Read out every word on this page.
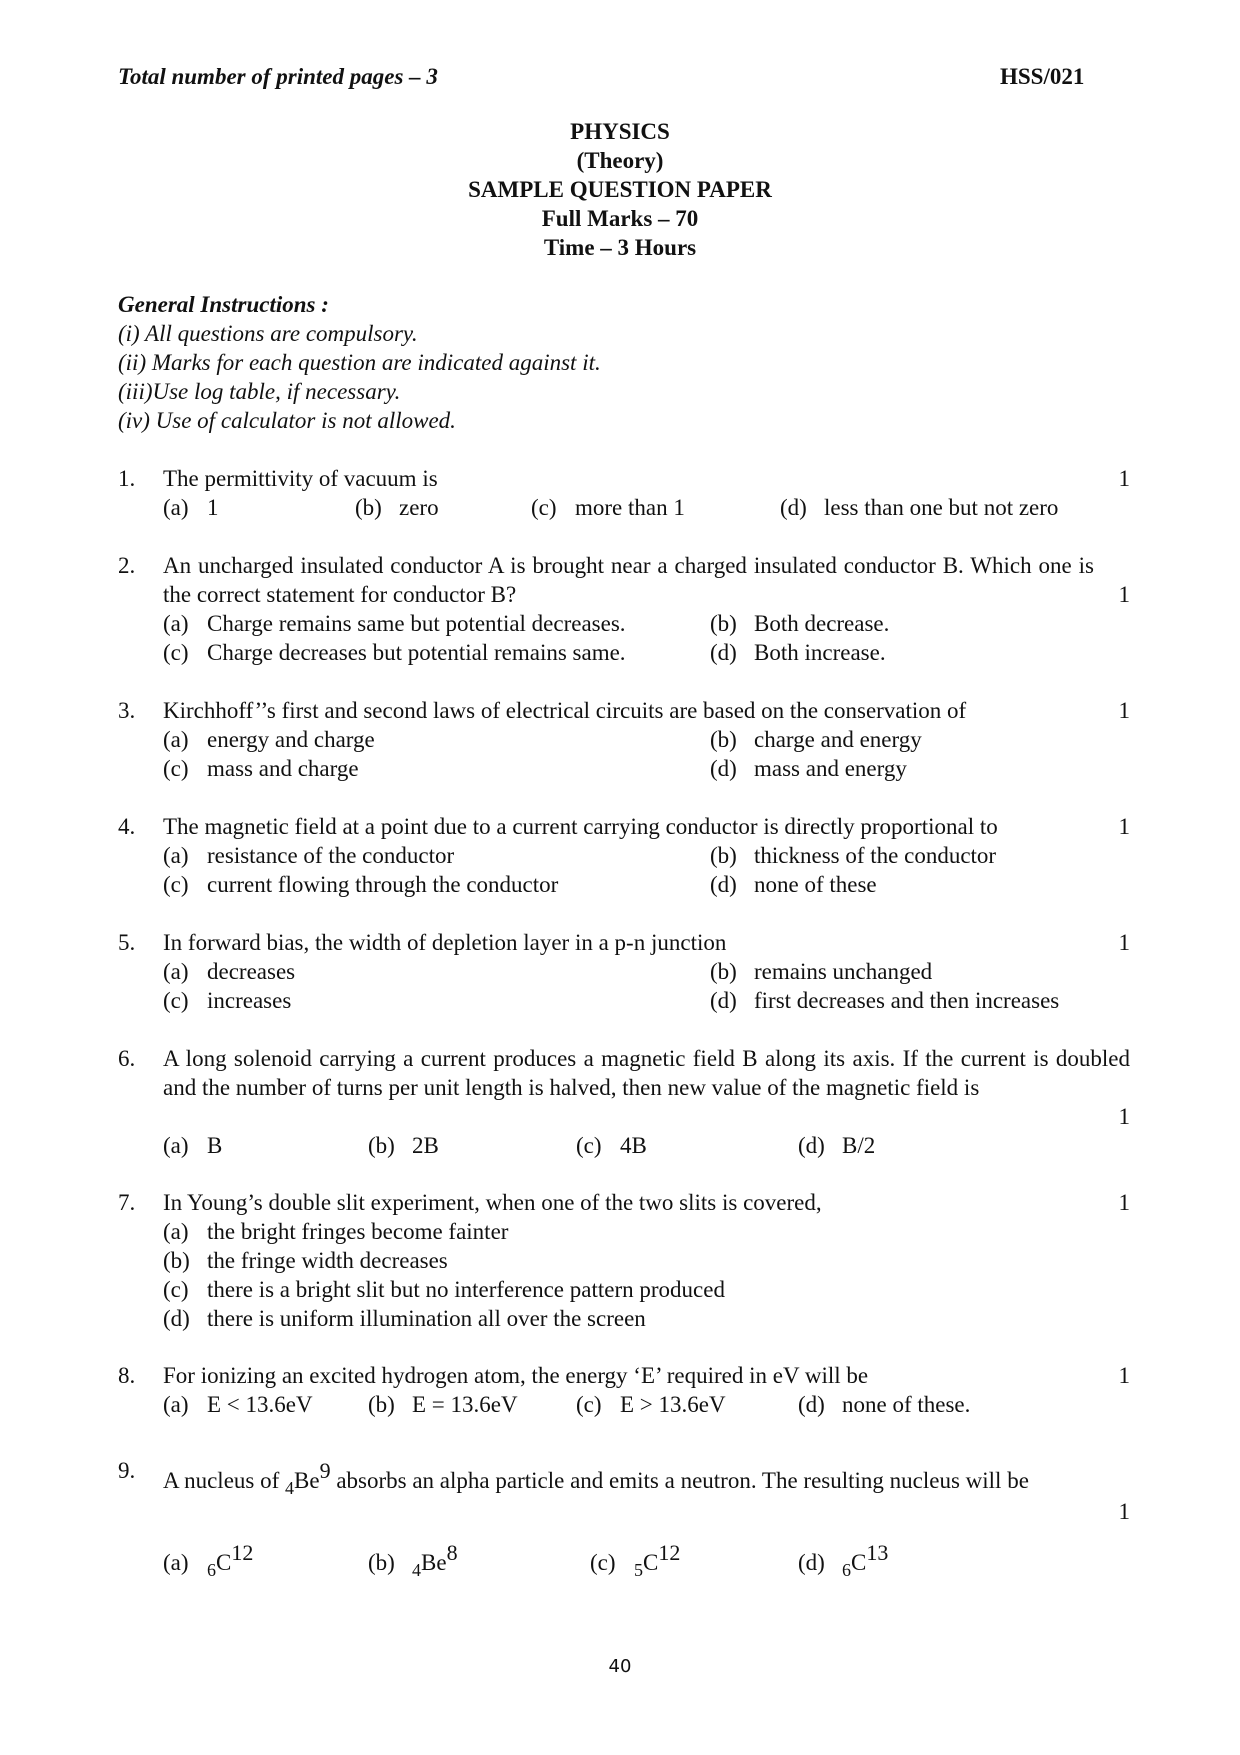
Total number of printed pages – 3	HSS/021
PHYSICS
(Theory)
SAMPLE QUESTION PAPER
Full Marks – 70
Time – 3 Hours
General Instructions :
(i) All questions are compulsory.
(ii) Marks for each question are indicated against it.
(iii)Use log table, if necessary.
(iv) Use of calculator is not allowed.
1. The permittivity of vacuum is	1
(a) 1	(b) zero	(c) more than 1	(d) less than one but not zero
2. An uncharged insulated conductor A is brought near a charged insulated conductor B. Which one is the correct statement for conductor B?	1
(a) Charge remains same but potential decreases.	(b) Both decrease.
(c) Charge decreases but potential remains same.	(d) Both increase.
3. Kirchhoff’’s first and second laws of electrical circuits are based on the conservation of	1
(a) energy and charge	(b) charge and energy
(c) mass and charge	(d) mass and energy
4. The magnetic field at a point due to a current carrying conductor is directly proportional to	1
(a) resistance of the conductor	(b) thickness of the conductor
(c) current flowing through the conductor	(d) none of these
5. In forward bias, the width of depletion layer in a p-n junction	1
(a) decreases	(b) remains unchanged
(c) increases	(d) first decreases and then increases
6. A long solenoid carrying a current produces a magnetic field B along its axis. If the current is doubled and the number of turns per unit length is halved, then new value of the magnetic field is
1
(a) B	(b) 2B	(c) 4B	(d) B/2
7. In Young’s double slit experiment, when one of the two slits is covered,	1
(a) the bright fringes become fainter
(b) the fringe width decreases
(c) there is a bright slit but no interference pattern produced
(d) there is uniform illumination all over the screen
8. For ionizing an excited hydrogen atom, the energy ‘E’ required in eV will be	1
(a) E < 13.6eV (b) E = 13.6eV	(c) E > 13.6eV	(d) none of these.
9. A nucleus of $_4$Be9 absorbs an alpha particle and emits a neutron. The resulting nucleus will be
1
(a) $_6$C12	(b) $_4$Be8	(c) $_5$C12	(d) $_6$C13
40
